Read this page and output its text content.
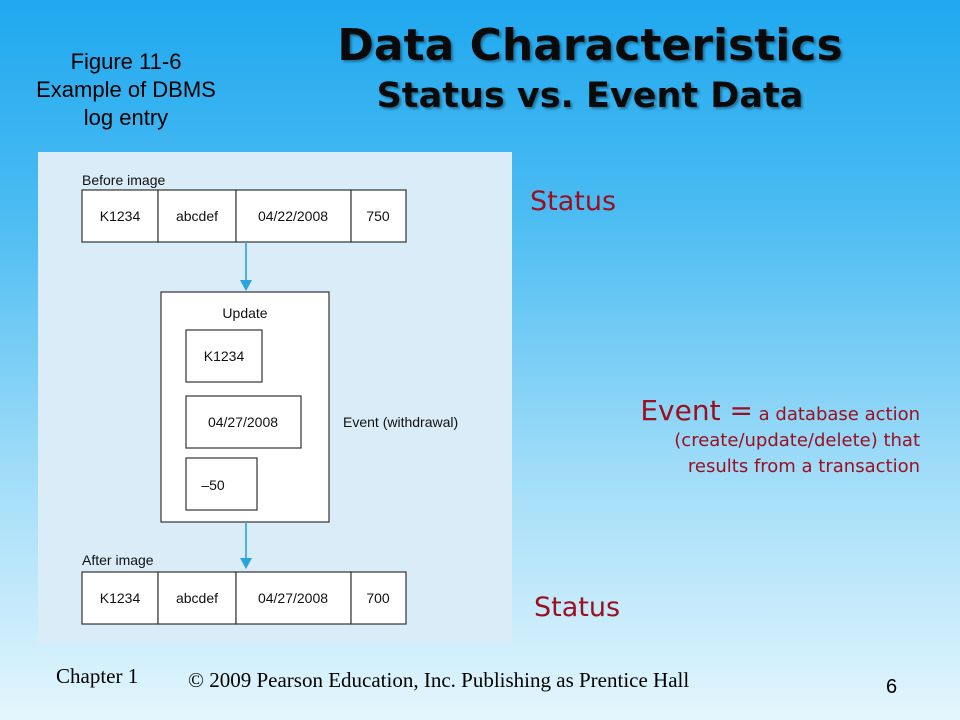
Figure 11-6
Example of DBMS
log entry
Data Characteristics
Status vs. Event Data
Before image
K1234	abcdef	04/22/2008	750
Update
K1234
04/27/2008
–50
Event (withdrawal)
After image
K1234	abcdef	04/27/2008	700
Status
Event = a database action
(create/update/delete) that
results from a transaction
Status
Chapter 1 © 2009 Pearson Education, Inc. Publishing as Prentice Hall	6
